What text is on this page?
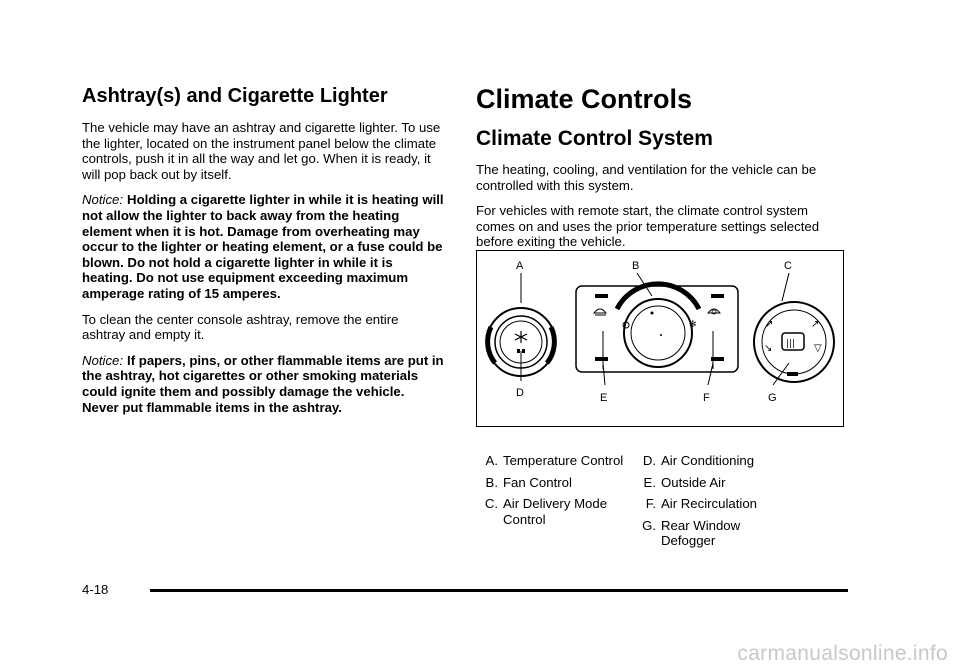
Ashtray(s) and Cigarette Lighter

The vehicle may have an ashtray and cigarette lighter. To use the lighter, located on the instrument panel below the climate controls, push it in all the way and let go. When it is ready, it will pop back out by itself.

Notice: Holding a cigarette lighter in while it is heating will not allow the lighter to back away from the heating element when it is hot. Damage from overheating may occur to the lighter or heating element, or a fuse could be blown. Do not hold a cigarette lighter in while it is heating. Do not use equipment exceeding maximum amperage rating of 15 amperes.

To clean the center console ashtray, remove the entire ashtray and empty it.

Notice: If papers, pins, or other flammable items are put in the ashtray, hot cigarettes or other smoking materials could ignite them and possibly damage the vehicle. Never put flammable items in the ashtray.

Climate Controls
Climate Control System

The heating, cooling, and ventilation for the vehicle can be controlled with this system.

For vehicles with remote start, the climate control system comes on and uses the prior temperature settings selected before exiting the vehicle.

✻
|||
↗	↗
↘	▽
A	B	C
D	E	F	G
A. Temperature Control
B. Fan Control
C. Air Delivery Mode Control
D. Air Conditioning
E. Outside Air
F. Air Recirculation
G. Rear Window Defogger
4-18
carmanualsonline.info
